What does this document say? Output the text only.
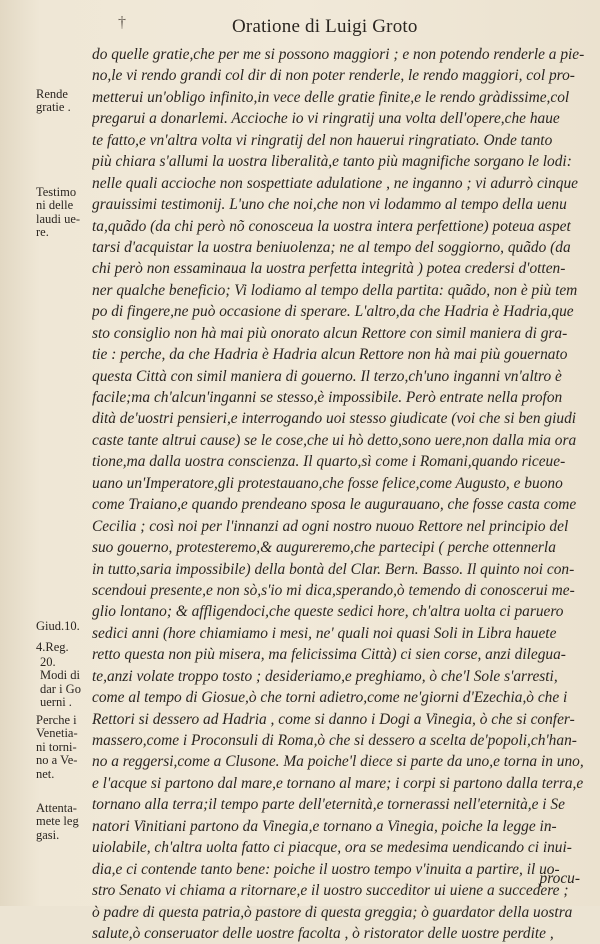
†	Oratione di Luigi Groto
Rende
gratie .
Testimo
ni delle
laudi ue-
re.
Giud.10.
4.Reg.
20.
Modi di
dar i Go
uerni .
Perche i
Venetia-
ni torni-
no a Ve-
net.
Attenta-
mete leg
gasi.
do quelle gratie,che per me si possono maggiori ; e non potendo renderle a pie-
no,le vi rendo grandi col dir di non poter renderle, le rendo maggiori, col pro-
metterui un'obligo infinito,in vece delle gratie finite,e le rendo gràdissime,col
pregarui a donarlemi. Accioche io vi ringratij una volta dell'opere,che haue
te fatto,e vn'altra volta vi ringratij del non hauerui ringratiato. Onde tanto
più chiara s'allumi la uostra liberalità,e tanto più magnifiche sorgano le lodi:
nelle quali accioche non sospettiate adulatione , ne inganno ; vi adurrò cinque
grauissimi testimonij. L'uno che noi,che non vi lodammo al tempo della uenu
ta,quãdo (da chi però nõ conosceua la uostra intera perfettione) poteua aspet
tarsi d'acquistar la uostra beniuolenza; ne al tempo del soggiorno, quãdo (da
chi però non essaminaua la uostra perfetta integrità ) potea credersi d'otten-
ner qualche beneficio; Vi lodiamo al tempo della partita: quãdo, non è più tem
po di fingere,ne può occasione di sperare. L'altro,da che Hadria è Hadria,que
sto consiglio non hà mai più onorato alcun Rettore con simil maniera di gra-
tie : perche, da che Hadria è Hadria alcun Rettore non hà mai più gouernato
questa Città con simil maniera di gouerno. Il terzo,ch'uno inganni vn'altro è
facile;ma ch'alcun'inganni se stesso,è impossibile. Però entrate nella profon
dità de'uostri pensieri,e interrogando uoi stesso giudicate (voi che si ben giudi
caste tante altrui cause) se le cose,che ui hò detto,sono uere,non dalla mia ora
tione,ma dalla uostra conscienza. Il quarto,sì come i Romani,quando riceue-
uano un'Imperatore,gli protestauano,che fosse felice,come Augusto, e buono
come Traiano,e quando prendeano sposa le augurauano, che fosse casta come
Cecilia ; così noi per l'innanzi ad ogni nostro nuouo Rettore nel principio del
suo gouerno, protesteremo,& augureremo,che partecipi ( perche ottennerla
in tutto,saria impossibile) della bontà del Clar. Bern. Basso. Il quinto noi con-
scendoui presente,e non sò,s'io mi dica,sperando,ò temendo di conoscerui me-
glio lontano; & affligendoci,che queste sedici hore, ch'altra uolta ci paruero
sedici anni (hore chiamiamo i mesi, ne' quali noi quasi Soli in Libra hauete
retto questa non più misera, ma felicissima Città) ci sien corse, anzi dilegua-
te,anzi volate troppo tosto ; desideriamo,e preghiamo, ò che'l Sole s'arresti,
come al tempo di Giosue,ò che torni adietro,come ne'giorni d'Ezechia,ò che i
Rettori si dessero ad Hadria , come si danno i Dogi a Vinegia, ò che si confer-
massero,come i Proconsuli di Roma,ò che si dessero a scelta de'popoli,ch'han-
no a reggersi,come a Clusone. Ma poiche'l diece si parte da uno,e torna in uno,
e l'acque si partono dal mare,e tornano al mare; i corpi si partono dalla terra,e
tornano alla terra;il tempo parte dell'eternità,e tornerassi nell'eternità,e i Se
natori Vinitiani partono da Vinegia,e tornano a Vinegia, poiche la legge in-
uiolabile, ch'altra uolta fatto ci piacque, ora se medesima uendicando ci inui-
dia,e ci contende tanto bene: poiche il uostro tempo v'inuita a partire, il uo-
stro Senato vi chiama a ritornare,e il uostro succeditor ui uiene a succedere ;
ò padre di questa patria,ò pastore di questa greggia; ò guardator della uostra
salute,ò conseruator delle uostre facolta , ò ristorator delle uostre perdite ,
procu-
